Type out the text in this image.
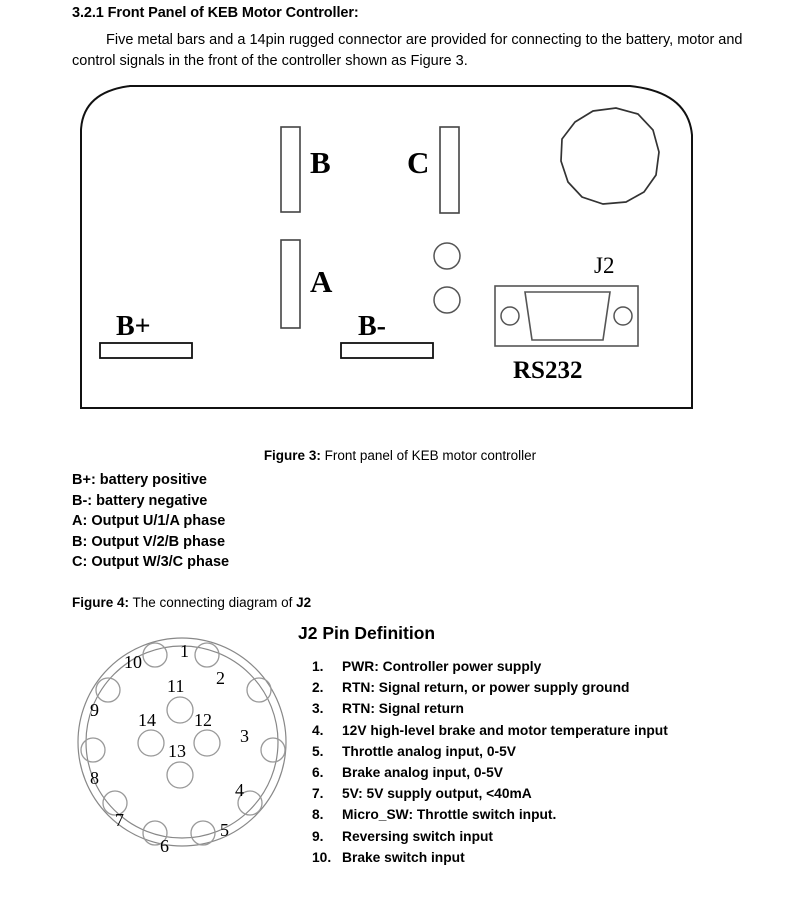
3.2.1 Front Panel of KEB Motor Controller:
Five metal bars and a 14pin rugged connector are provided for connecting to the battery, motor and control signals in the front of the controller shown as Figure 3.
B C
A
B+	B-
J2
RS232
Figure 3: Front panel of KEB motor controller
B+: battery positive
B-: battery negative
A: Output U/1/A phase
B: Output V/2/B phase
C: Output W/3/C phase
Figure 4: The connecting diagram of J2
1
2
3
4
5
6
7
8
9
10
11
12
13
14
J2 Pin Definition
1.	PWR: Controller power supply
2.	RTN: Signal return, or power supply ground
3.	RTN: Signal return
4.	12V high-level brake and motor temperature input
5.	Throttle analog input, 0-5V
6.	Brake analog input, 0-5V
7.	5V: 5V supply output, <40mA
8.	Micro_SW: Throttle switch input.
9.	Reversing switch input
10. Brake switch input
